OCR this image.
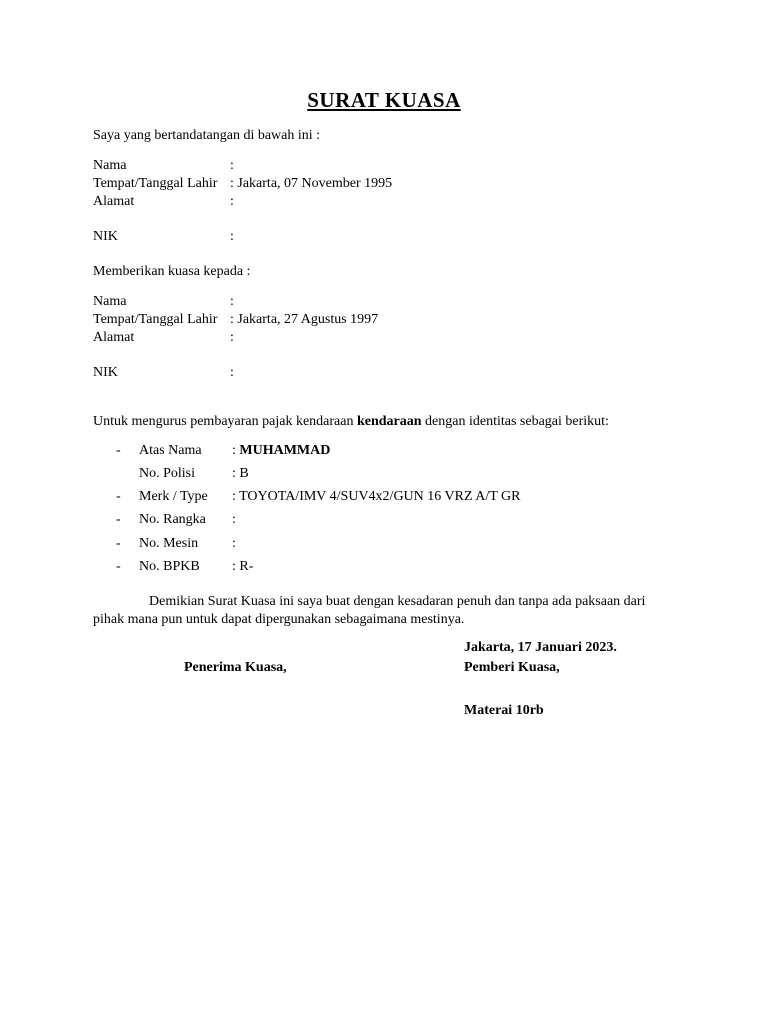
SURAT KUASA
Saya yang bertandatangan di bawah ini :
Nama	:
Tempat/Tanggal Lahir : Jakarta, 07 November 1995
Alamat	:
NIK	:
Memberikan kuasa kepada :
Nama	:
Tempat/Tanggal Lahir : Jakarta, 27 Agustus 1997
Alamat	:
NIK	:
Untuk mengurus pembayaran pajak kendaraan kendaraan dengan identitas sebagai berikut:
- Atas Nama : MUHAMMAD
No. Polisi	: B
- Merk / Type : TOYOTA/IMV 4/SUV4x2/GUN 16 VRZ A/T GR
- No. Rangka :
- No. Mesin :
- No. BPKB : R-
Demikian Surat Kuasa ini saya buat dengan kesadaran penuh dan tanpa ada paksaan dari
pihak mana pun untuk dapat dipergunakan sebagaimana mestinya.
Jakarta, 17 Januari 2023.
Penerima Kuasa,	Pemberi Kuasa,
Materai 10rb
